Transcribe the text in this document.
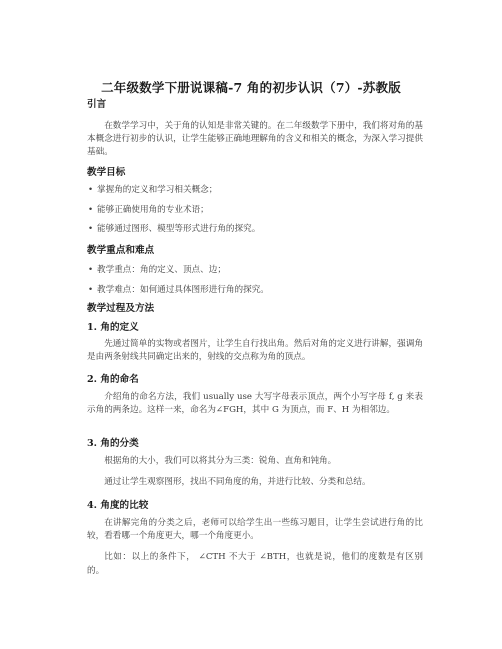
二年级数学下册说课稿-7 角的初步认识（7）-苏教版
引言

在数学学习中，关于角的认知是非常关键的。在二年级数学下册中，我们将对角的基本概念进行初步的认识，让学生能够正确地理解角的含义和相关的概念，为深入学习提供基础。

教学目标
• 掌握角的定义和学习相关概念；
• 能够正确使用角的专业术语；
• 能够通过图形、模型等形式进行角的探究。
教学重点和难点
• 教学重点：角的定义、顶点、边；
• 教学难点：如何通过具体图形进行角的探究。
教学过程及方法
1. 角的定义

先通过简单的实物或者图片，让学生自行找出角。然后对角的定义进行讲解，强调角是由两条射线共同确定出来的，射线的交点称为角的顶点。

2. 角的命名

介绍角的命名方法，我们 usually use 大写字母表示顶点，两个小写字母 f, g 来表示角的两条边。这样一来，命名为∠FGH，其中 G 为顶点，而 F、H 为相邻边。

3. 角的分类

根据角的大小，我们可以将其分为三类：锐角、直角和钝角。

通过让学生观察图形，找出不同角度的角，并进行比较、分类和总结。

4. 角度的比较

在讲解完角的分类之后，老师可以给学生出一些练习题目，让学生尝试进行角的比较，看看哪一个角度更大，哪一个角度更小。

比如：以上的条件下， ∠CTH 不大于 ∠BTH，也就是说，他们的度数是有区别的。
